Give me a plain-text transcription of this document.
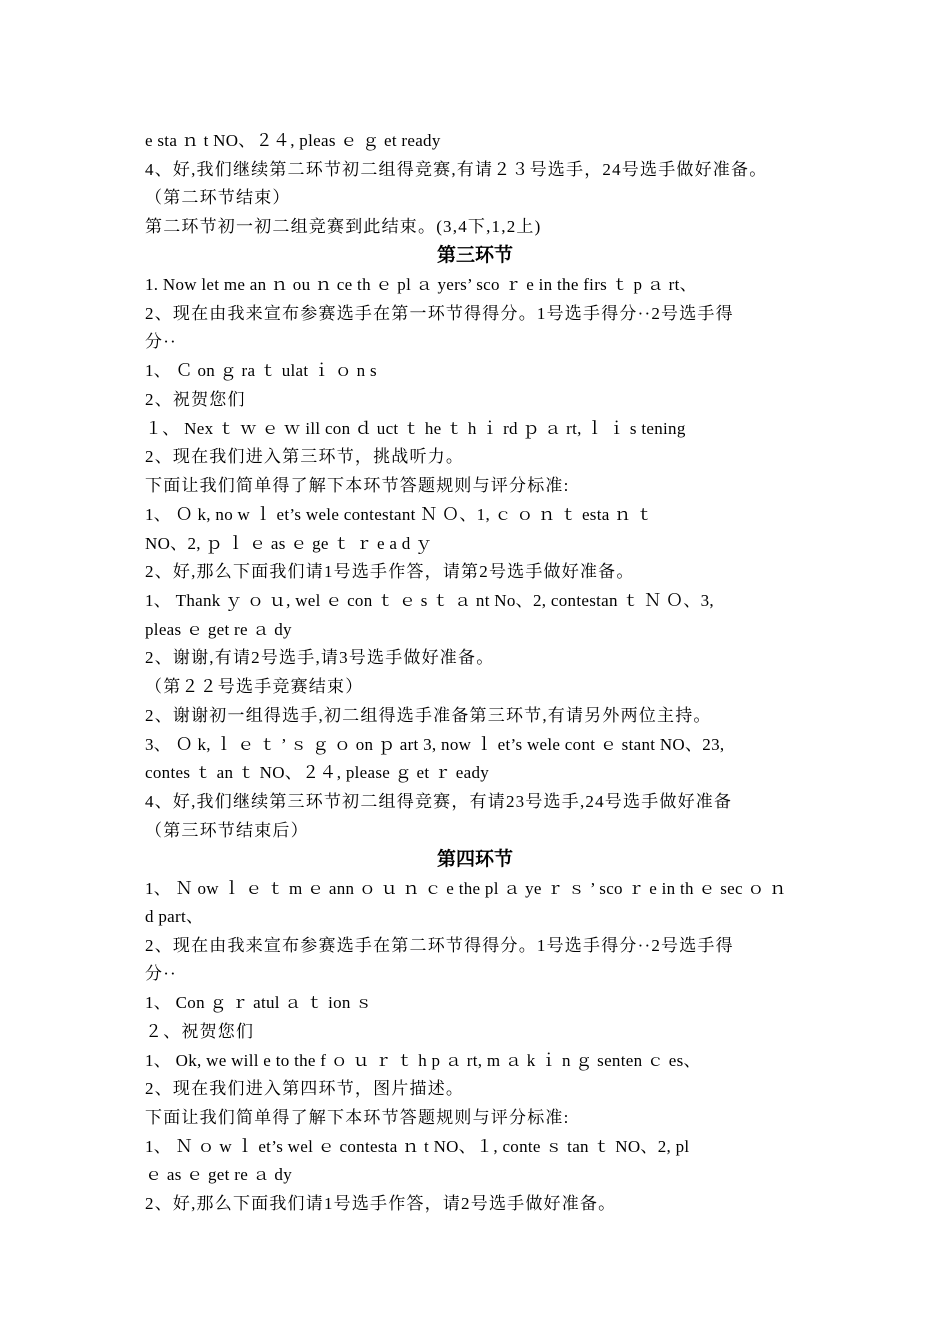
e sta ｎ t NO、２４, pleas ｅ ｇ et ready
4、好,我们继续第二环节初二组得竞赛,有请２３号选手，24号选手做好准备。
（第二环节结束）
第二环节初一初二组竞赛到此结束。(3,4下,1,2上)
第三环节
1. Now let me an ｎ ou ｎ ce th ｅ pl ａ yers’ sco ｒ e in the firs ｔ p ａ rt、
2、现在由我来宣布参赛选手在第一环节得得分。1号选手得分··2号选手得
分··
1、 Ｃ on ｇ ra ｔ ulat ｉ ｏ n s
2、祝贺您们
１、 Nex ｔ ｗ ｅ ｗ ill con ｄ uct ｔ he ｔ h ｉ rd ｐ ａ rt, ｌ ｉ s tening
2、现在我们进入第三环节，挑战听力。
下面让我们简单得了解下本环节答题规则与评分标准:
1、 Ｏ k, no w ｌ et’s wele contestant Ｎ Ｏ、1, ｃ ｏ ｎ ｔ esta ｎ ｔ
NO、2, ｐ ｌ ｅ as ｅ ge ｔ ｒ e a d ｙ
2、好,那么下面我们请1号选手作答，请第2号选手做好准备。
1、 Thank ｙ ｏ ｕ, wel ｅ con ｔ ｅ s ｔ ａ nt No、2, contestan ｔ Ｎ Ｏ、3,
pleas ｅ get re ａ dy
2、谢谢,有请2号选手,请3号选手做好准备。
（第２２号选手竞赛结束）
2、谢谢初一组得选手,初二组得选手准备第三环节,有请另外两位主持。
3、 Ｏ k, ｌ ｅ ｔ ’ ｓ ｇ ｏ on ｐ art 3, now ｌ et’s wele cont ｅ stant NO、23,
contes ｔ an ｔ NO、２４, please ｇ et ｒ eady
4、好,我们继续第三环节初二组得竞赛，有请23号选手,24号选手做好准备
（第三环节结束后）
第四环节
1、 Ｎ ow ｌ ｅ ｔ m ｅ ann ｏ ｕ ｎ ｃ e the pl ａ ye ｒ ｓ ’ sco ｒ e in th ｅ sec ｏ ｎ
d part、
2、现在由我来宣布参赛选手在第二环节得得分。1号选手得分··2号选手得
分··
1、 Con ｇ ｒ atul ａ ｔ ion ｓ
２、祝贺您们
1、 Ok, we will e to the f ｏ ｕ ｒ ｔ h p ａ rt, m ａ k ｉ n ｇ senten ｃ es、
2、现在我们进入第四环节，图片描述。
下面让我们简单得了解下本环节答题规则与评分标准:
1、 Ｎ ｏ w ｌ et’s wel ｅ contesta ｎ t NO、１, conte ｓ tan ｔ NO、2, pl
ｅ as ｅ get re ａ dy
2、好,那么下面我们请1号选手作答，请2号选手做好准备。
